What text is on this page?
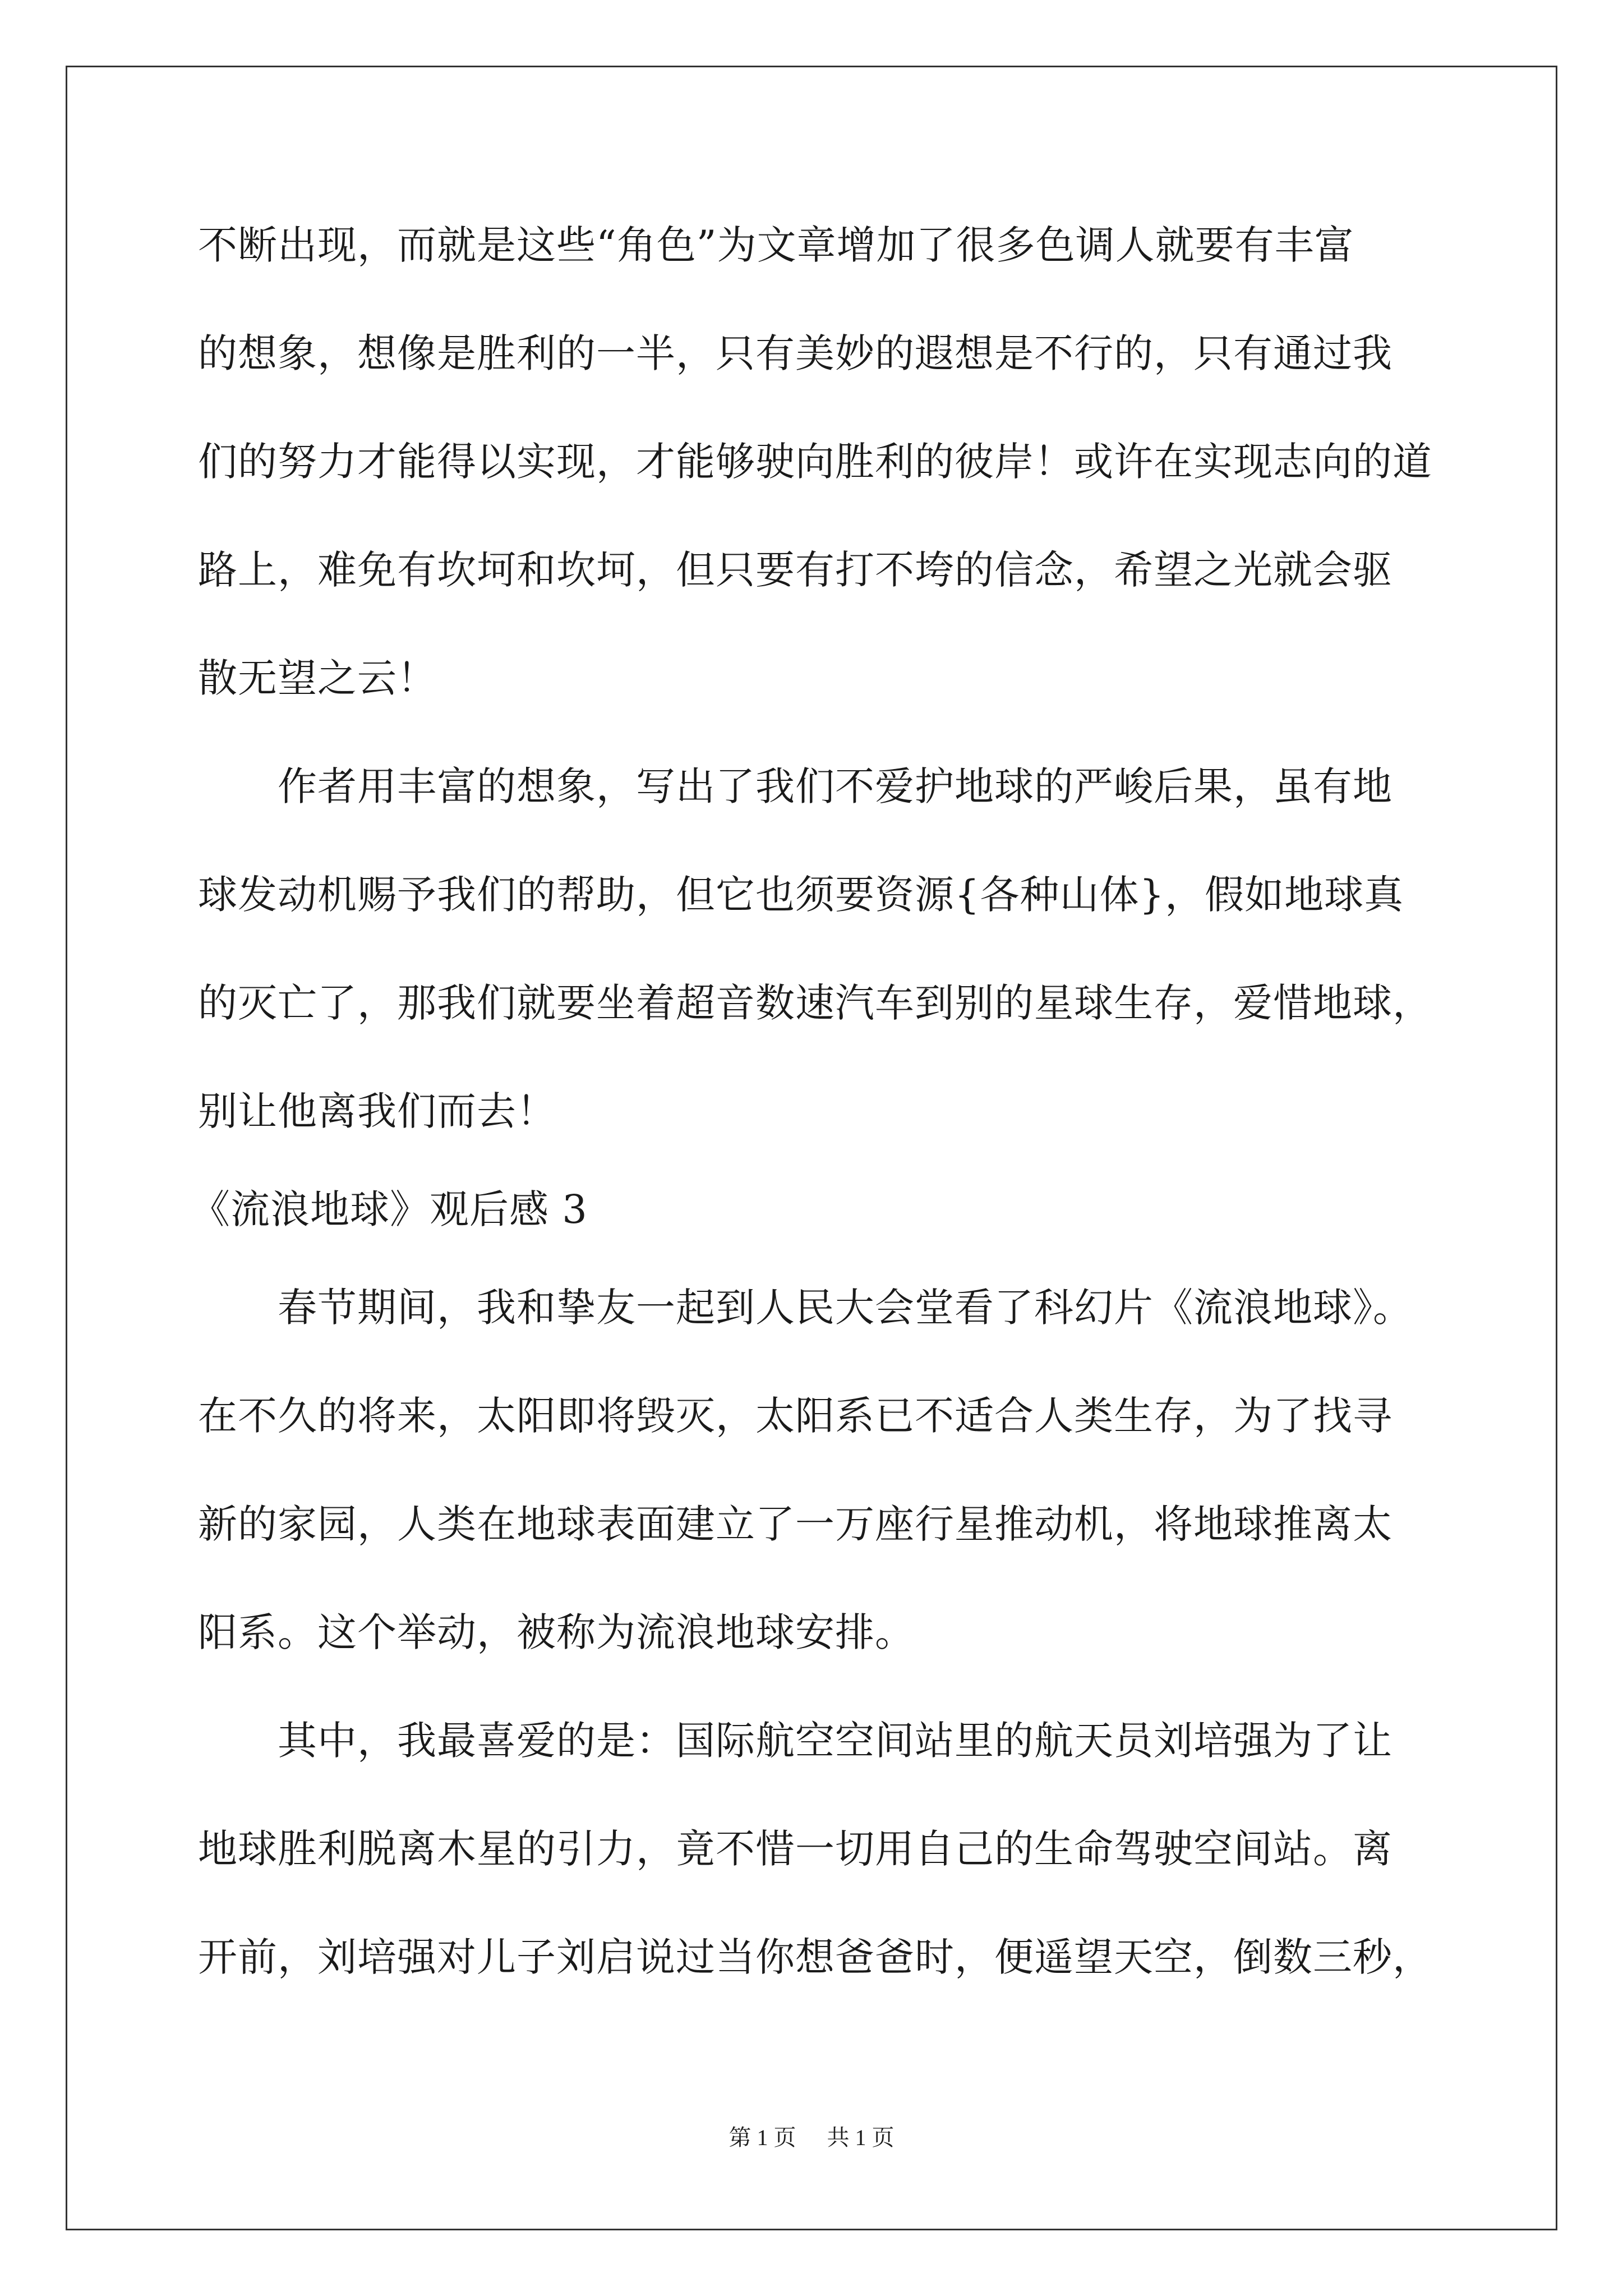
不断出现，而就是这些“角色”为文章增加了很多色调人就要有丰富
的想象，想像是胜利的一半，只有美妙的遐想是不行的，只有通过我
们的努力才能得以实现，才能够驶向胜利的彼岸！或许在实现志向的道
路上，难免有坎坷和坎坷，但只要有打不垮的信念，希望之光就会驱
散无望之云！
　　作者用丰富的想象，写出了我们不爱护地球的严峻后果，虽有地
球发动机赐予我们的帮助，但它也须要资源{各种山体}，假如地球真
的灭亡了，那我们就要坐着超音数速汽车到别的星球生存，爱惜地球，
别让他离我们而去！
《流浪地球》观后感 3
　　春节期间，我和挚友一起到人民大会堂看了科幻片《流浪地球》。
在不久的将来，太阳即将毁灭，太阳系已不适合人类生存，为了找寻
新的家园，人类在地球表面建立了一万座行星推动机，将地球推离太
阳系。这个举动，被称为流浪地球安排。
　　其中，我最喜爱的是：国际航空空间站里的航天员刘培强为了让
地球胜利脱离木星的引力，竟不惜一切用自己的生命驾驶空间站。离
开前，刘培强对儿子刘启说过当你想爸爸时，便遥望天空，倒数三秒，
第 1 页 共 1 页
